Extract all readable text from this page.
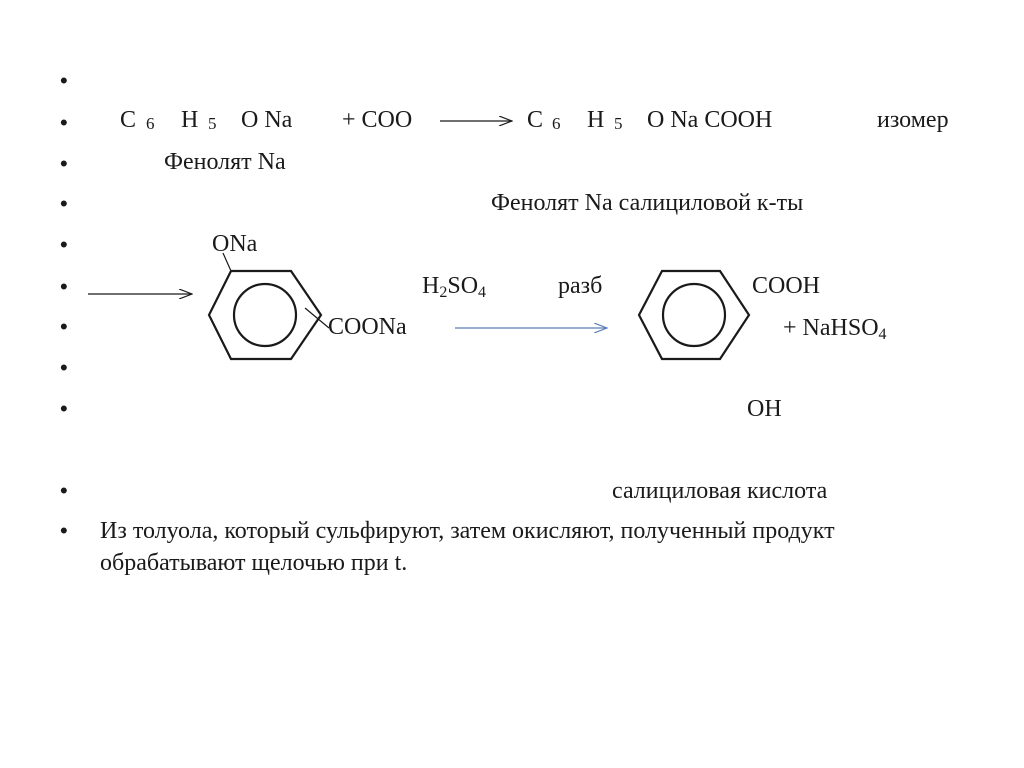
•
•
•
•
•
•
•
•
•
•
•
C 6 H 5 O Na + COO	C 6 H 5 O Na COOH	изомер
Фенолят Na
Фенолят Na салициловой к-ты
ONa
$H_2SO_4$	разб	COOH
COONa	+ NaHSO$_4$
OH
салициловая кислота
Из толуола, который сульфируют, затем окисляют, полученный продукт обрабатывают щелочью при t.
